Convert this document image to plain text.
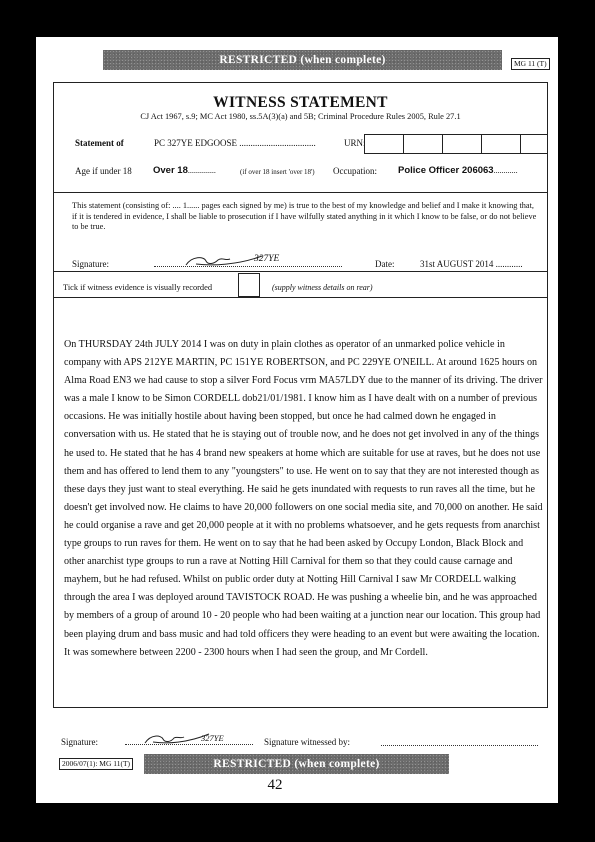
RESTRICTED (when complete)	MG 11 (T)
WITNESS STATEMENT
CJ Act 1967, s.9; MC Act 1980, ss.5A(3)(a) and 5B; Criminal Procedure Rules 2005, Rule 27.1
Statement of	PC 327YE EDGOOSE ..................................	URN:
Age if under 18 Over 18..............	(if over 18 insert 'over 18') Occupation: Police Officer 206063............
This statement (consisting of: .... 1...... pages each signed by me) is true to the best of my knowledge and belief and I make it knowing that, if it is tendered in evidence, I shall be liable to prosecution if I have wilfully stated anything in it which I know to be false, or do not believe to be true.
Signature:	327YE	Date:	31st AUGUST 2014 ............
Tick if witness evidence is visually recorded	(supply witness details on rear)
On THURSDAY 24th JULY 2014 I was on duty in plain clothes as operator of an unmarked police vehicle in company with APS 212YE MARTIN, PC 151YE ROBERTSON, and PC 229YE O'NEILL. At around 1625 hours on Alma Road EN3 we had cause to stop a silver Ford Focus vrm MA57LDY due to the manner of its driving. The driver was a male I know to be Simon CORDELL dob21/01/1981. I know him as I have dealt with on a number of previous occasions. He was initially hostile about having been stopped, but once he had calmed down he engaged in conversation with us. He stated that he is staying out of trouble now, and he does not get involved in any of the things he used to. He stated that he has 4 brand new speakers at home which are suitable for use at raves, but he does not use them and has offered to lend them to any "youngsters" to use. He went on to say that they are not interested though as these days they just want to steal everything. He said he gets inundated with requests to run raves all the time, but he doesn't get involved now. He claims to have 20,000 followers on one social media site, and 70,000 on another. He said he could organise a rave and get 20,000 people at it with no problems whatsoever, and he gets requests from anarchist type groups to run raves for them. He went on to say that he had been asked by Occupy London, Black Block and other anarchist type groups to run a rave at Notting Hill Carnival for them so that they could cause carnage and mayhem, but he had refused. Whilst on public order duty at Notting Hill Carnival I saw Mr CORDELL walking through the area I was deployed around TAVISTOCK ROAD. He was pushing a wheelie bin, and he was approached by members of a group of around 10 - 20 people who had been waiting at a junction near our location. This group had been playing drum and bass music and had told officers they were heading to an event but were awaiting the location. It was somewhere between 2200 - 2300 hours when I had seen the group, and Mr Cordell.
Signature:	327YE	Signature witnessed by:
2006/07(1): MG 11(T)	RESTRICTED (when complete)
42
